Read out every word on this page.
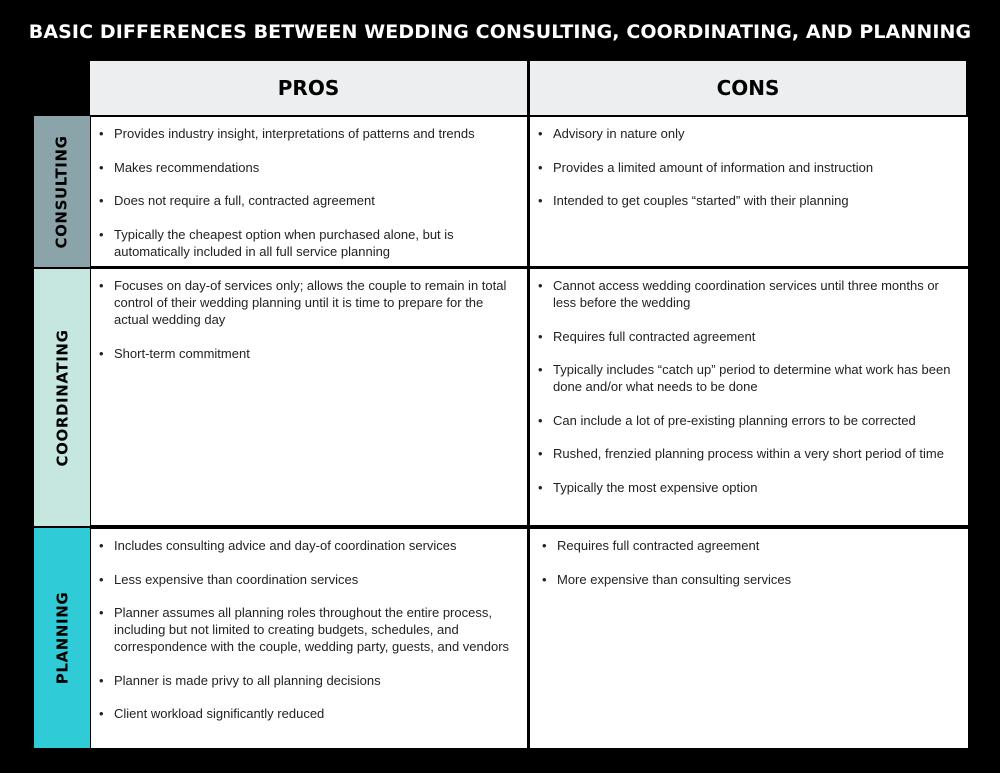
BASIC DIFFERENCES BETWEEN WEDDING CONSULTING, COORDINATING, AND PLANNING
PROS	CONS
CONSULTING
COORDINATING
PLANNING
• Provides industry insight, interpretations of patterns and trends
• Makes recommendations
• Does not require a full, contracted agreement
• Typically the cheapest option when purchased alone, but is automatically included in all full service planning
• Advisory in nature only
• Provides a limited amount of information and instruction
• Intended to get couples “started” with their planning
• Focuses on day-of services only; allows the couple to remain in total control of their wedding planning until it is time to prepare for the actual wedding day
• Short-term commitment
• Cannot access wedding coordination services until three months or less before the wedding
• Requires full contracted agreement
• Typically includes “catch up” period to determine what work has been done and/or what needs to be done
• Can include a lot of pre-existing planning errors to be corrected
• Rushed, frenzied planning process within a very short period of time
• Typically the most expensive option
• Includes consulting advice and day-of coordination services
• Less expensive than coordination services
• Planner assumes all planning roles throughout the entire process, including but not limited to creating budgets, schedules, and correspondence with the couple, wedding party, guests, and vendors
• Planner is made privy to all planning decisions
• Client workload significantly reduced
• Requires full contracted agreement
• More expensive than consulting services
